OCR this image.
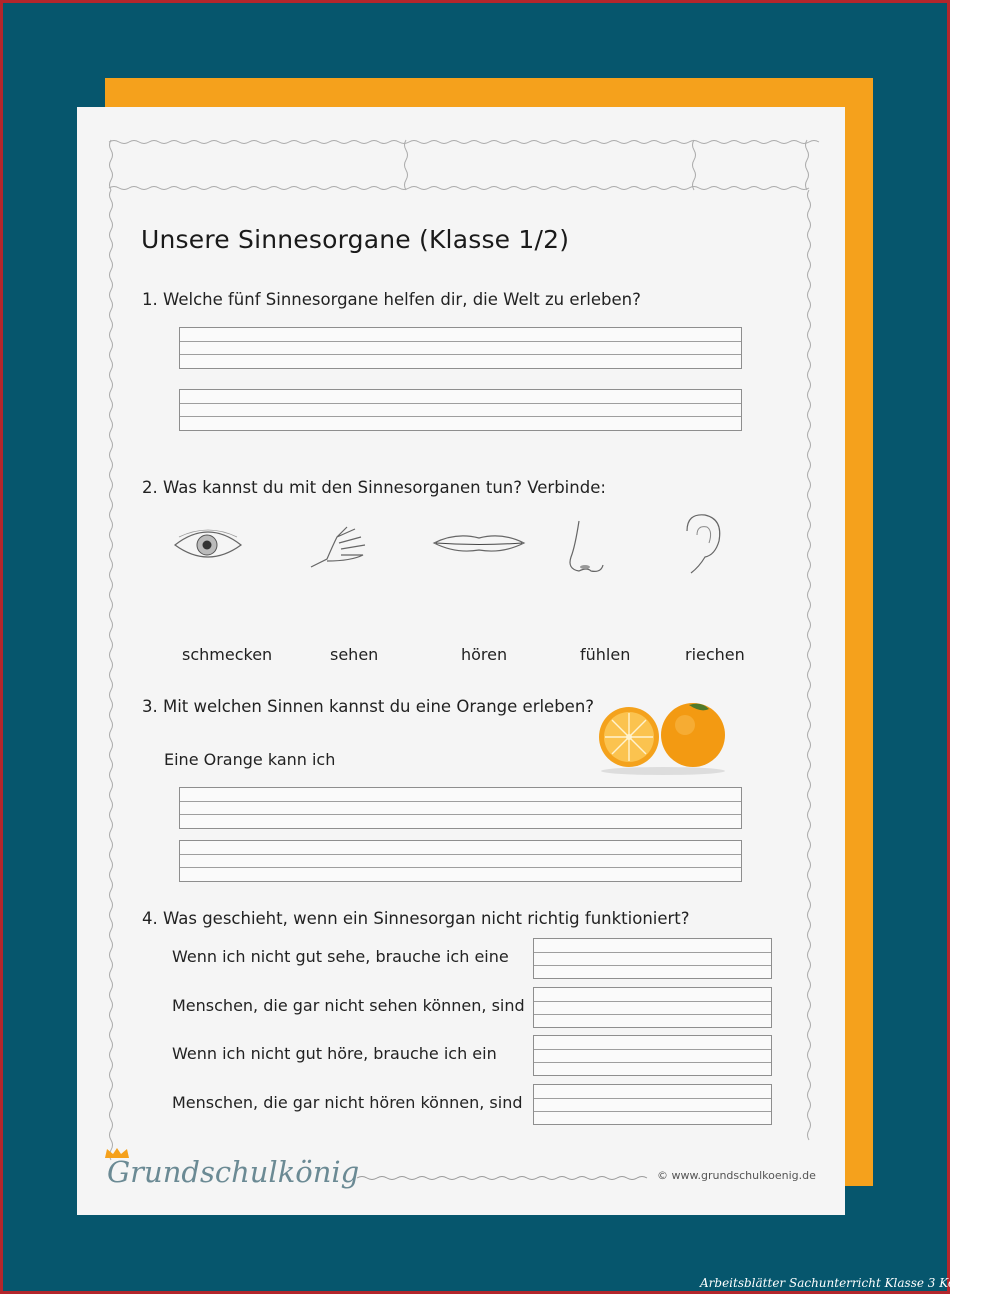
Unsere Sinnesorgane (Klasse 1/2)
1. Welche fünf Sinnesorgane helfen dir, die Welt zu erleben?
2. Was kannst du mit den Sinnesorganen tun? Verbinde:
schmecken	sehen	hören	fühlen	riechen
3. Mit welchen Sinnen kannst du eine Orange erleben?
Eine Orange kann ich
4. Was geschieht, wenn ein Sinnesorgan nicht richtig funktioniert?
Wenn ich nicht gut sehe, brauche ich eine
Menschen, die gar nicht sehen können, sind
Wenn ich nicht gut höre, brauche ich ein
Menschen, die gar nicht hören können, sind
Grundschulkönig	© www.grundschulkoenig.de
Arbeitsblätter Sachunterricht Klasse 3 Körper
